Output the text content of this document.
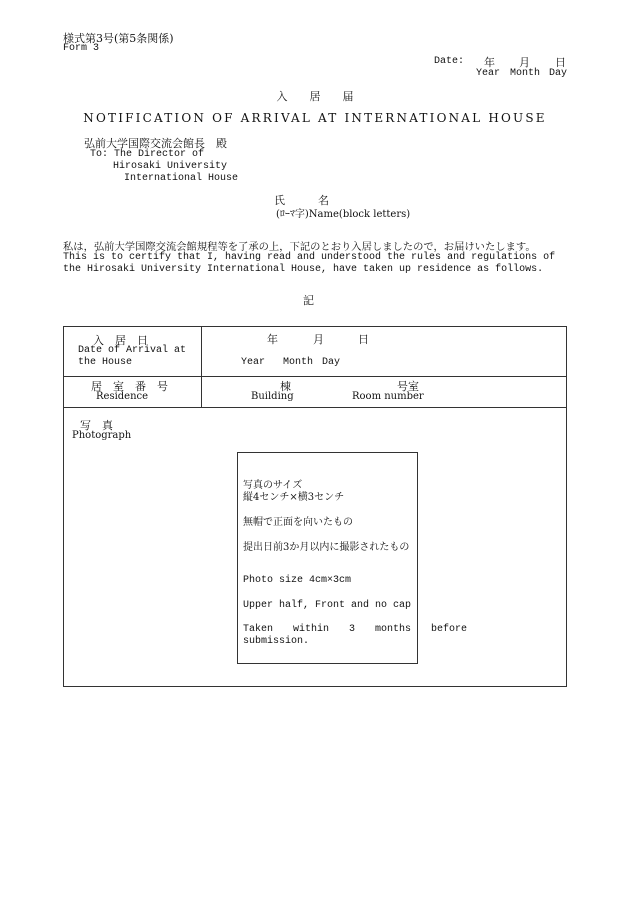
様式第3号(第5条関係)
Form 3
Date: 年 月 日
Year Month Day
入　　居　　届
NOTIFICATION OF ARRIVAL AT INTERNATIONAL HOUSE
弘前大学国際交流会館長　殿
To: The Director of
Hirosaki University
International House
氏　　　名
(ﾛｰﾏ字)Name(block letters)
私は，弘前大学国際交流会館規程等を了承の上，下記のとおり入居しましたので，お届けいたします。
This is to certify that I, having read and understood the rules and regulations of
the Hirosaki University International House, have taken up residence as follows.
記
入　居　日
Date of Arrival at
the House
年	月	日
Year Month Day
居　室　番　号
Residence
棟
Building
号室
Room number
写　真
Photograph
写真のサイズ
縦4センチ×横3センチ
無帽で正面を向いたもの
提出日前3か月以内に撮影されたもの
Photo size 4cm×3cm
Upper half, Front and no cap
Taken within 3 months before
submission.
